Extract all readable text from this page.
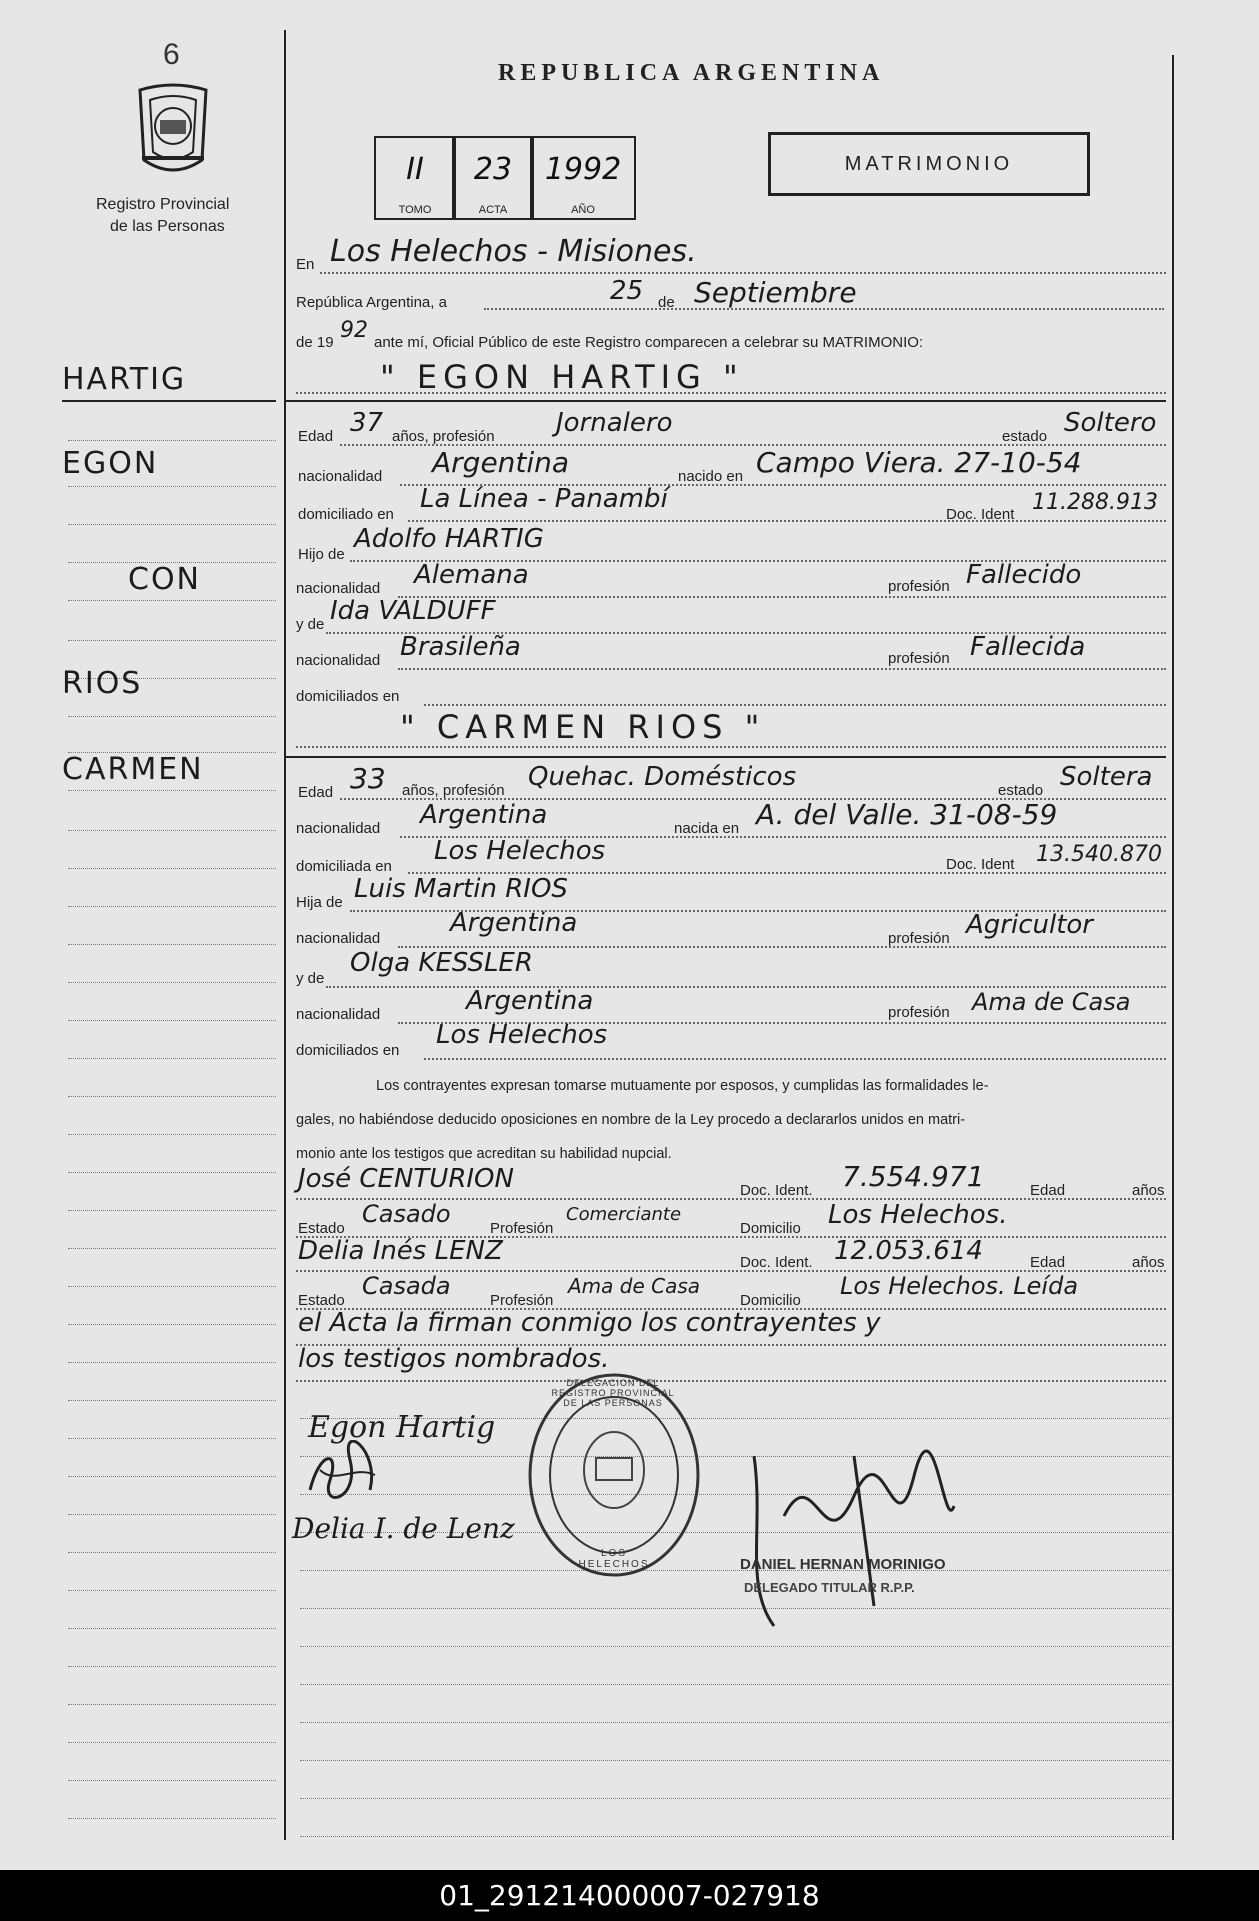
6
Registro Provincial
de las Personas
REPUBLICA ARGENTINA
II
TOMO
23
ACTA
1992
AÑO
MATRIMONIO
HARTIG
EGON
CON
RIOS
CARMEN
En Los Helechos - Misiones.
República Argentina, a	25 de Septiembre
de 19 92 ante mí, Oficial Público de este Registro comparecen a celebrar su MATRIMONIO:
" EGON HARTIG "
Edad 37 años, profesión Jornalero	estado Soltero
nacionalidad Argentina	nacido en Campo Viera. 27-10-54
domiciliado en
La Línea - Panambí
Doc. Ident 11.288.913
Hijo de
Adolfo HARTIG
nacionalidad Alemana	profesión Fallecido
y de Ida VALDUFF
nacionalidad Brasileña	profesión Fallecida
domiciliados en
" CARMEN RIOS "
Edad 33 años, profesión Quehac. Domésticos	estado Soltera
nacionalidad Argentina	nacida en A. del Valle. 31-08-59
domiciliada en
Los Helechos	Doc. Ident 13.540.870
Hija de Luis Martin RIOS
nacionalidad
Argentina
profesión Agricultor
y de
Olga KESSLER
nacionalidad	Argentina	profesión Ama de Casa
domiciliados en
Los Helechos
Los contrayentes expresan tomarse mutuamente por esposos, y cumplidas las formalidades le-
gales, no habiéndose deducido oposiciones en nombre de la Ley procedo a declararlos unidos en matri-
monio ante los testigos que acreditan su habilidad nupcial.
José CENTURION	Doc. Ident. 7.554.971	Edad	años
Estado
Casado
Profesión
Comerciante
Domicilio Los Helechos.
Delia Inés LENZ	Doc. Ident. 12.053.614	Edad	años
Estado
Casada
Profesión
Ama de Casa
Domicilio
Los Helechos. Leída
el Acta la firman conmigo los contrayentes y
los testigos nombrados.
Egon Hartig
Delia I. de Lenz
DELEGACION DEL REGISTRO PROVINCIAL DE LAS PERSONAS
LOS HELECHOS	DANIEL HERNAN MORINIGO
DELEGADO TITULAR R.P.P.
01_291214000007-027918
